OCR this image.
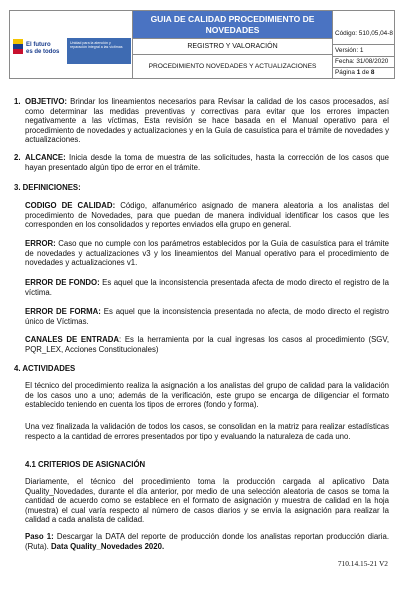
El futuro
es de todos
Unidad para la atención y reparación integral a las víctimas
GUIA DE CALIDAD PROCEDIMIENTO DE NOVEDADES
REGISTRO Y VALORACIÓN
PROCEDIMIENTO NOVEDADES Y ACTUALIZACIONES
Código: 510,05,04-8
Versión: 1
Fecha: 31/08/2020
Página 1 de 8
1. OBJETIVO: Brindar los lineamientos necesarios para Revisar la calidad de los casos procesados, así como determinar las medidas preventivas y correctivas para evitar que los errores impacten negativamente a las víctimas, Esta revisión se hace basada en el Manual operativo para el procedimiento de novedades y actualizaciones y en la Guía de casuística para el trámite de novedades y actualizaciones.
2. ALCANCE: Inicia desde la toma de muestra de las solicitudes, hasta la corrección de los casos que hayan presentado algún tipo de error en el trámite.
3. DEFINICIONES:
CODIGO DE CALIDAD: Código, alfanumérico asignado de manera aleatoria a los analistas del procedimiento de Novedades, para que puedan de manera individual identificar los casos que les corresponden en los consolidados y reportes enviados ella grupo en general.
ERROR: Caso que no cumple con los parámetros establecidos por la Guía de casuística para el trámite de novedades y actualizaciones v3 y los lineamientos del Manual operativo para el procedimiento de novedades y actualizaciones v1.
ERROR DE FONDO: Es aquel que la inconsistencia presentada afecta de modo directo el registro de la víctima.
ERROR DE FORMA: Es aquel que la inconsistencia presentada no afecta, de modo directo el registro único de Víctimas.
CANALES DE ENTRADA: Es la herramienta por la cual ingresas los casos al procedimiento (SGV, PQR_LEX, Acciones Constitucionales)
4. ACTIVIDADES
El técnico del procedimiento realiza la asignación a los analistas del grupo de calidad para la validación de los casos uno a uno; además de la verificación, este grupo se encarga de diligenciar el formato establecido teniendo en cuenta los tipos de errores (fondo y forma).
Una vez finalizada la validación de todos los casos, se consolidan en la matriz para realizar estadísticas respecto a la cantidad de errores presentados por tipo y evaluando la naturaleza de cada uno.
4.1 CRITERIOS DE ASIGNACIÓN
Diariamente, el técnico del procedimiento toma la producción cargada al aplicativo Data Quality_Novedades, durante el día anterior, por medio de una selección aleatoria de casos se toma la cantidad de acuerdo como se establece en el formato de asignación y muestra de calidad en la hoja (muestra) el cual varía respecto al número de casos diarios y se envía la asignación para realizar la calidad a cada analista de calidad.
Paso 1: Descargar la DATA del reporte de producción donde los analistas reportan producción diaria. (Ruta). Data Quality_Novedades 2020.
710.14.15-21 V2
